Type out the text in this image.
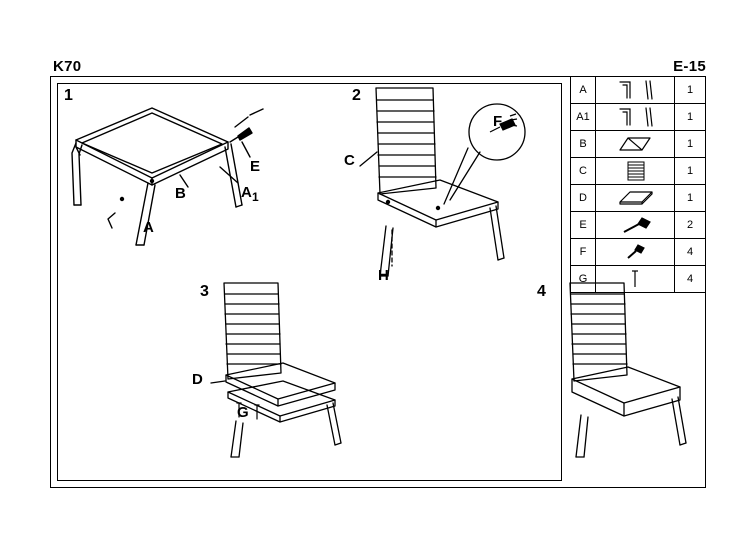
K70	E-15
1
A
B	A 1
E
2
C
F
H
3
D
G
4
A		1
A1		1
B		1
C		1
D		1
E		2
F		4
G		4
